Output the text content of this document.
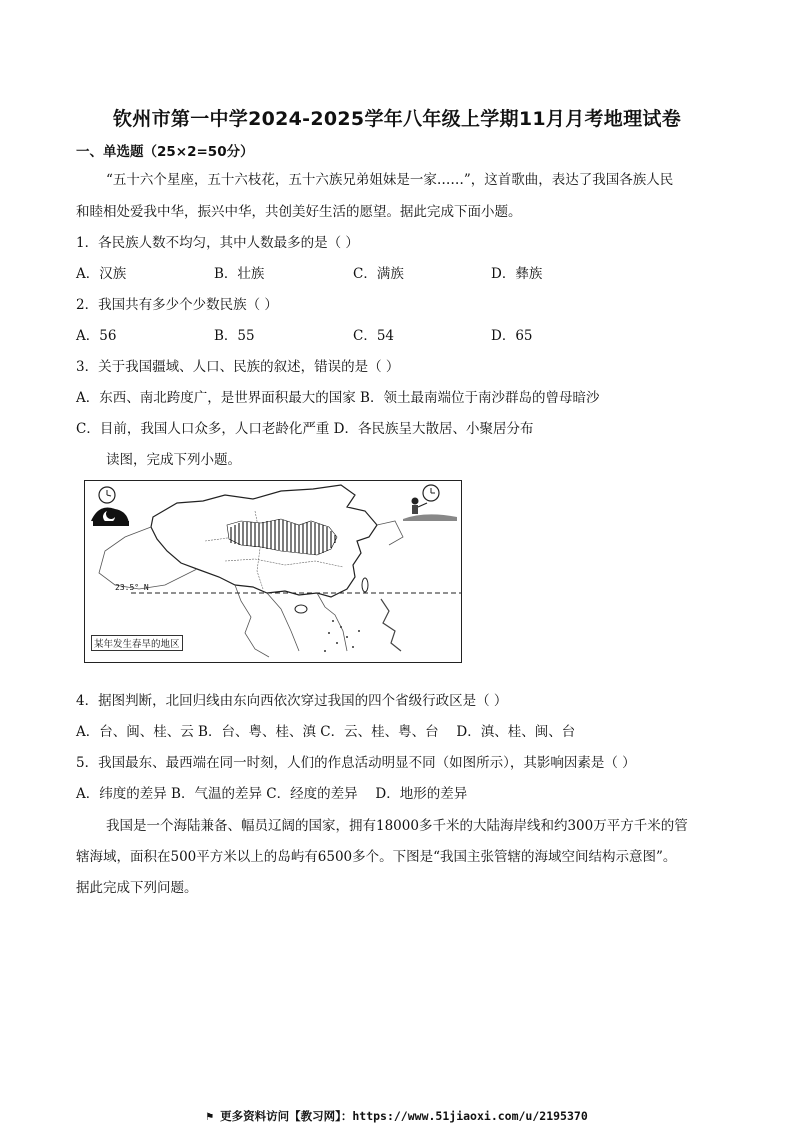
钦州市第一中学2024-2025学年八年级上学期11月月考地理试卷
一、单选题（25×2=50分）
“五十六个星座，五十六枝花，五十六族兄弟姐妹是一家……”，这首歌曲，表达了我国各族人民
和睦相处爱我中华，振兴中华，共创美好生活的愿望。据此完成下面小题。
1．各民族人数不均匀，其中人数最多的是（ ）
A．汉族	B．壮族	C．满族	D．彝族
2．我国共有多少个少数民族（ ）
A．56	B．55	C．54	D．65
3．关于我国疆域、人口、民族的叙述，错误的是（ ）
A．东西、南北跨度广，是世界面积最大的国家 B．领土最南端位于南沙群岛的曾母暗沙
C．目前，我国人口众多，人口老龄化严重 D．各民族呈大散居、小聚居分布
读图，完成下列小题。
23.5° N
某年发生春旱的地区
4．据图判断，北回归线由东向西依次穿过我国的四个省级行政区是（ ）
A．台、闽、桂、云 B．台、粤、桂、滇 C．云、桂、粤、台　 D．滇、桂、闽、台
5．我国最东、最西端在同一时刻，人们的作息活动明显不同（如图所示），其影响因素是（ ）
A．纬度的差异 B．气温的差异 C．经度的差异　 D．地形的差异
我国是一个海陆兼备、幅员辽阔的国家，拥有18000多千米的大陆海岸线和约300万平方千米的管
辖海域，面积在500平方米以上的岛屿有6500多个。下图是“我国主张管辖的海域空间结构示意图”。
据此完成下列问题。
⚑ 更多资料访问【教习网】：https://www.51jiaoxi.com/u/2195370
